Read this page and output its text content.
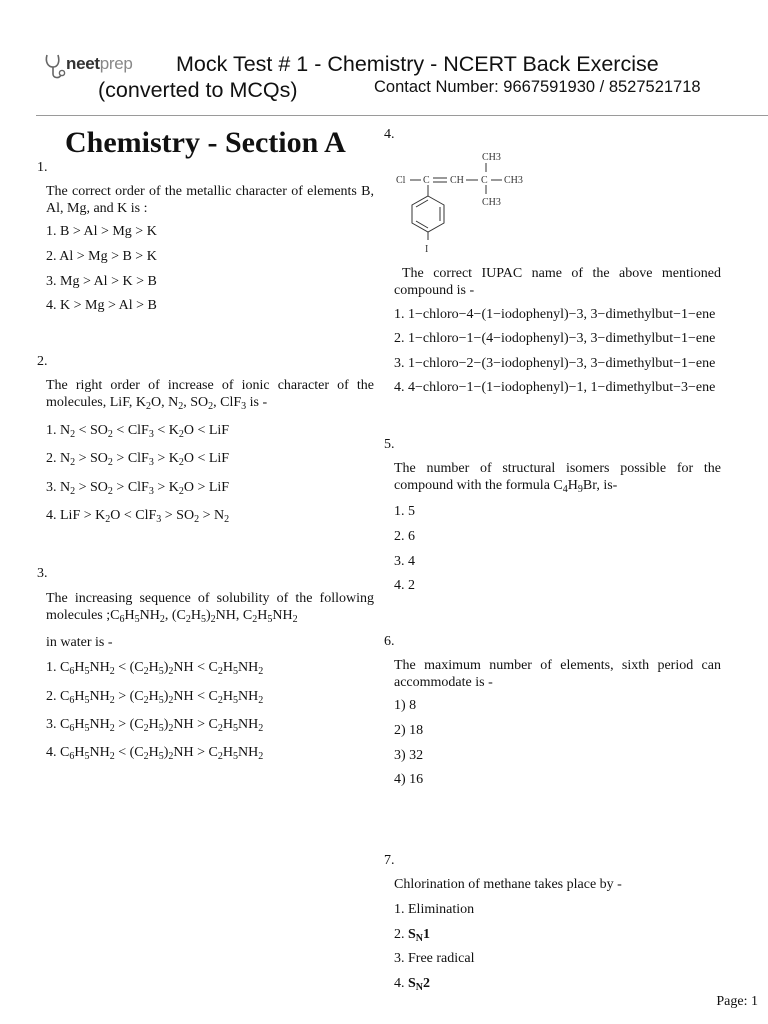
neetprep Mock Test # 1 - Chemistry - NCERT Back Exercise
(converted to MCQs)	Contact Number: 9667591930 / 8527521718
Chemistry - Section A
1.
The correct order of the metallic character of elements B, Al, Mg, and K is :
1. B > Al > Mg > K
2. Al > Mg > B > K
3. Mg > Al > K > B
4. K > Mg > Al > B
2.
The right order of increase of ionic character of the molecules, LiF, $K_2O$, $N_2$, $SO_2$, ClF$_3$ is -
1. $N_2 < SO_2 < ClF_3 < K_2O$ < LiF
2. $N_2 > SO_2 > ClF_3 > K_2O$ < LiF
3. $N_2 > SO_2 > ClF_3 > K_2O$ > LiF
4. LiF > $K_2O < ClF_3 > SO_2 > N_2$
3.
The increasing sequence of solubility of the following molecules $;C_6H_5NH_2$, $(C_2H_5)_2NH$, $C_2H_5NH_2$
in water is -
1. $C_6H_5NH_2 < (C_2H_5)_2NH < C_2H_5NH_2$
2. $C_6H_5NH_2 > (C_2H_5)_2NH < C_2H_5NH_2$
3. $C_6H_5NH_2 > (C_2H_5)_2NH > C_2H_5NH_2$
4. $C_6H_5NH_2 < (C_2H_5)_2NH > C_2H_5NH_2$
4.
Cl C CH C CH3
CH3
CH3
I
The correct IUPAC name of the above mentioned compound is -
1. 1−chloro−4−(1−iodophenyl)−3, 3−dimethylbut−1−ene
2. 1−chloro−1−(4−iodophenyl)−3, 3−dimethylbut−1−ene
3. 1−chloro−2−(3−iodophenyl)−3, 3−dimethylbut−1−ene
4. 4−chloro−1−(1−iodophenyl)−1, 1−dimethylbut−3−ene
5.
The number of structural isomers possible for the compound with the formula $C_4H_9Br$, is-
1. 5
2. 6
3. 4
4. 2
6.
The maximum number of elements, sixth period can accommodate is -
1) 8
2) 18
3) 32
4) 16
7.
Chlorination of methane takes place by -
1. Elimination
2. $S_N1$
3. Free radical
4. $S_N2$
Page: 1
